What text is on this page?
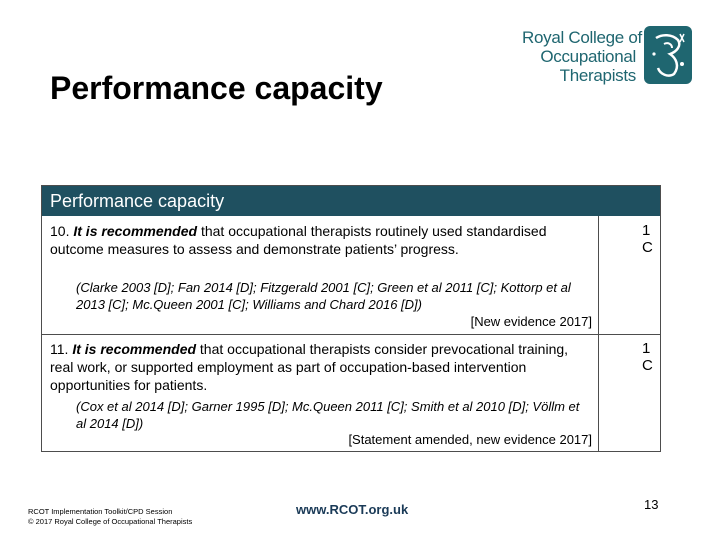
Performance capacity
Royal College of
Occupational
Therapists
Performance capacity
10. It is recommended that occupational therapists routinely used standardised outcome measures to assess and demonstrate patients’ progress.
(Clarke 2003 [D]; Fan 2014 [D]; Fitzgerald 2001 [C]; Green et al 2011 [C]; Kottorp et al 2013 [C]; Mc.Queen 2001 [C]; Williams and Chard 2016 [D])
[New evidence 2017]
1 C
11. It is recommended that occupational therapists consider prevocational training, real work, or supported employment as part of occupation-based intervention opportunities for patients.
(Cox et al 2014 [D]; Garner 1995 [D]; Mc.Queen 2011 [C]; Smith et al 2010 [D]; Völlm et al 2014 [D])
[Statement amended, new evidence 2017]
1 C
RCOT Implementation Toolkit/CPD Session
© 2017 Royal College of Occupational Therapists
www.RCOT.org.uk	13
